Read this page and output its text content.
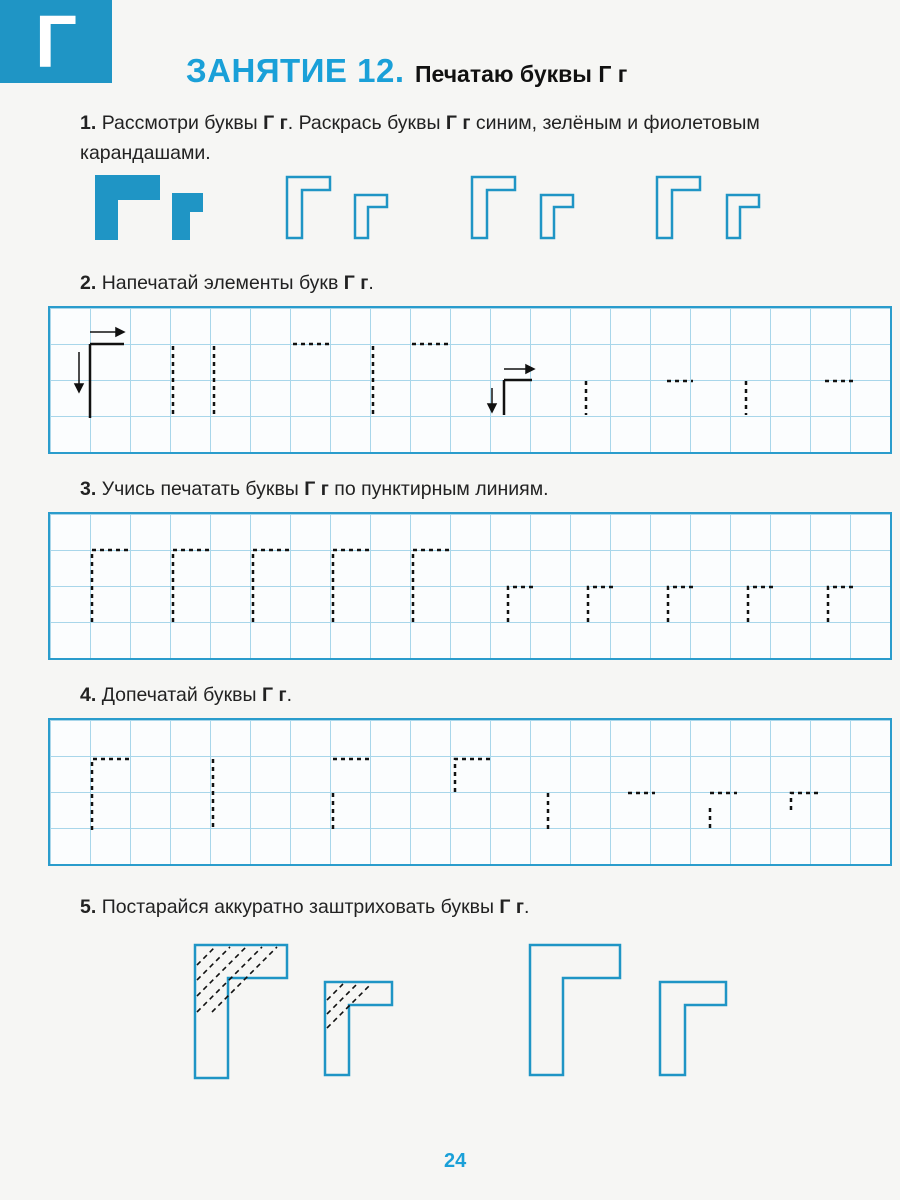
Г	ЗАНЯТИЕ 12. Печатаю буквы Г г
1. Рассмотри буквы Г г. Раскрась буквы Г г синим, зелёным и фиолетовым карандашами.
2. Напечатай элементы букв Г г.
3. Учись печатать буквы Г г по пунктирным линиям.
4. Допечатай буквы Г г.
5. Постарайся аккуратно заштриховать буквы Г г.
24
